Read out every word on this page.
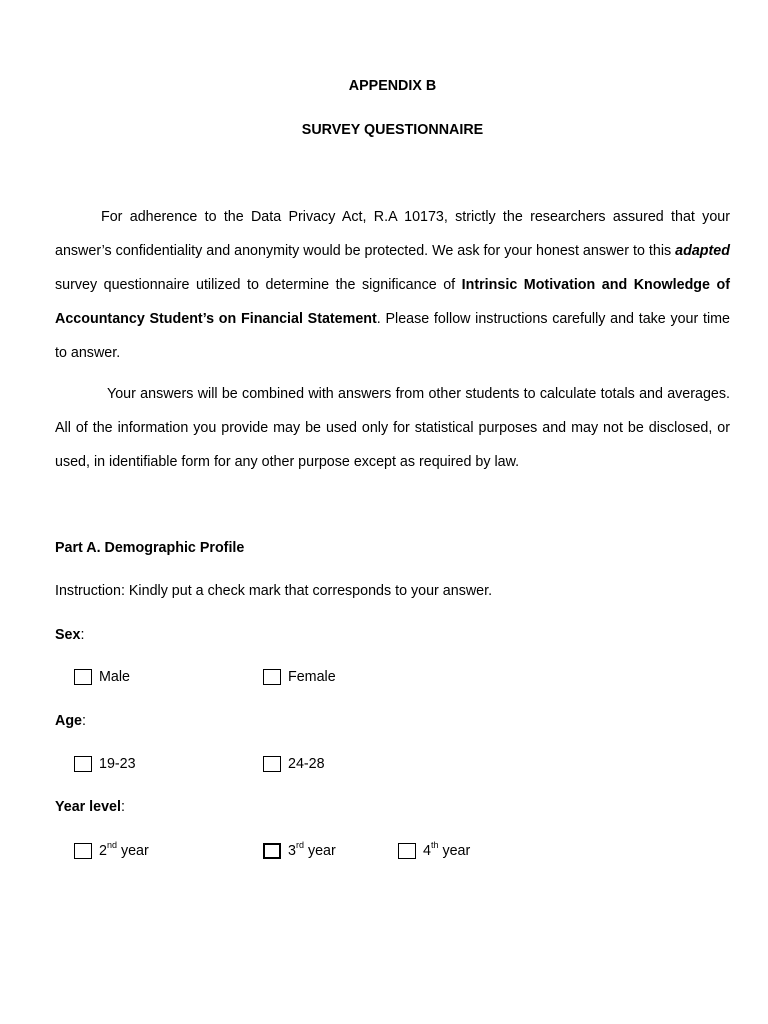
APPENDIX B
SURVEY QUESTIONNAIRE

For adherence to the Data Privacy Act, R.A 10173, strictly the researchers assured that your answer’s confidentiality and anonymity would be protected. We ask for your honest answer to this adapted survey questionnaire utilized to determine the significance of Intrinsic Motivation and Knowledge of Accountancy Student’s on Financial Statement. Please follow instructions carefully and take your time to answer.

Your answers will be combined with answers from other students to calculate totals and averages. All of the information you provide may be used only for statistical purposes and may not be disclosed, or used, in identifiable form for any other purpose except as required by law.

Part A. Demographic Profile
Instruction: Kindly put a check mark that corresponds to your answer.
Sex:
Male	Female
Age:
19-23	24-28
Year level:
2nd year	3rd year	4th year
